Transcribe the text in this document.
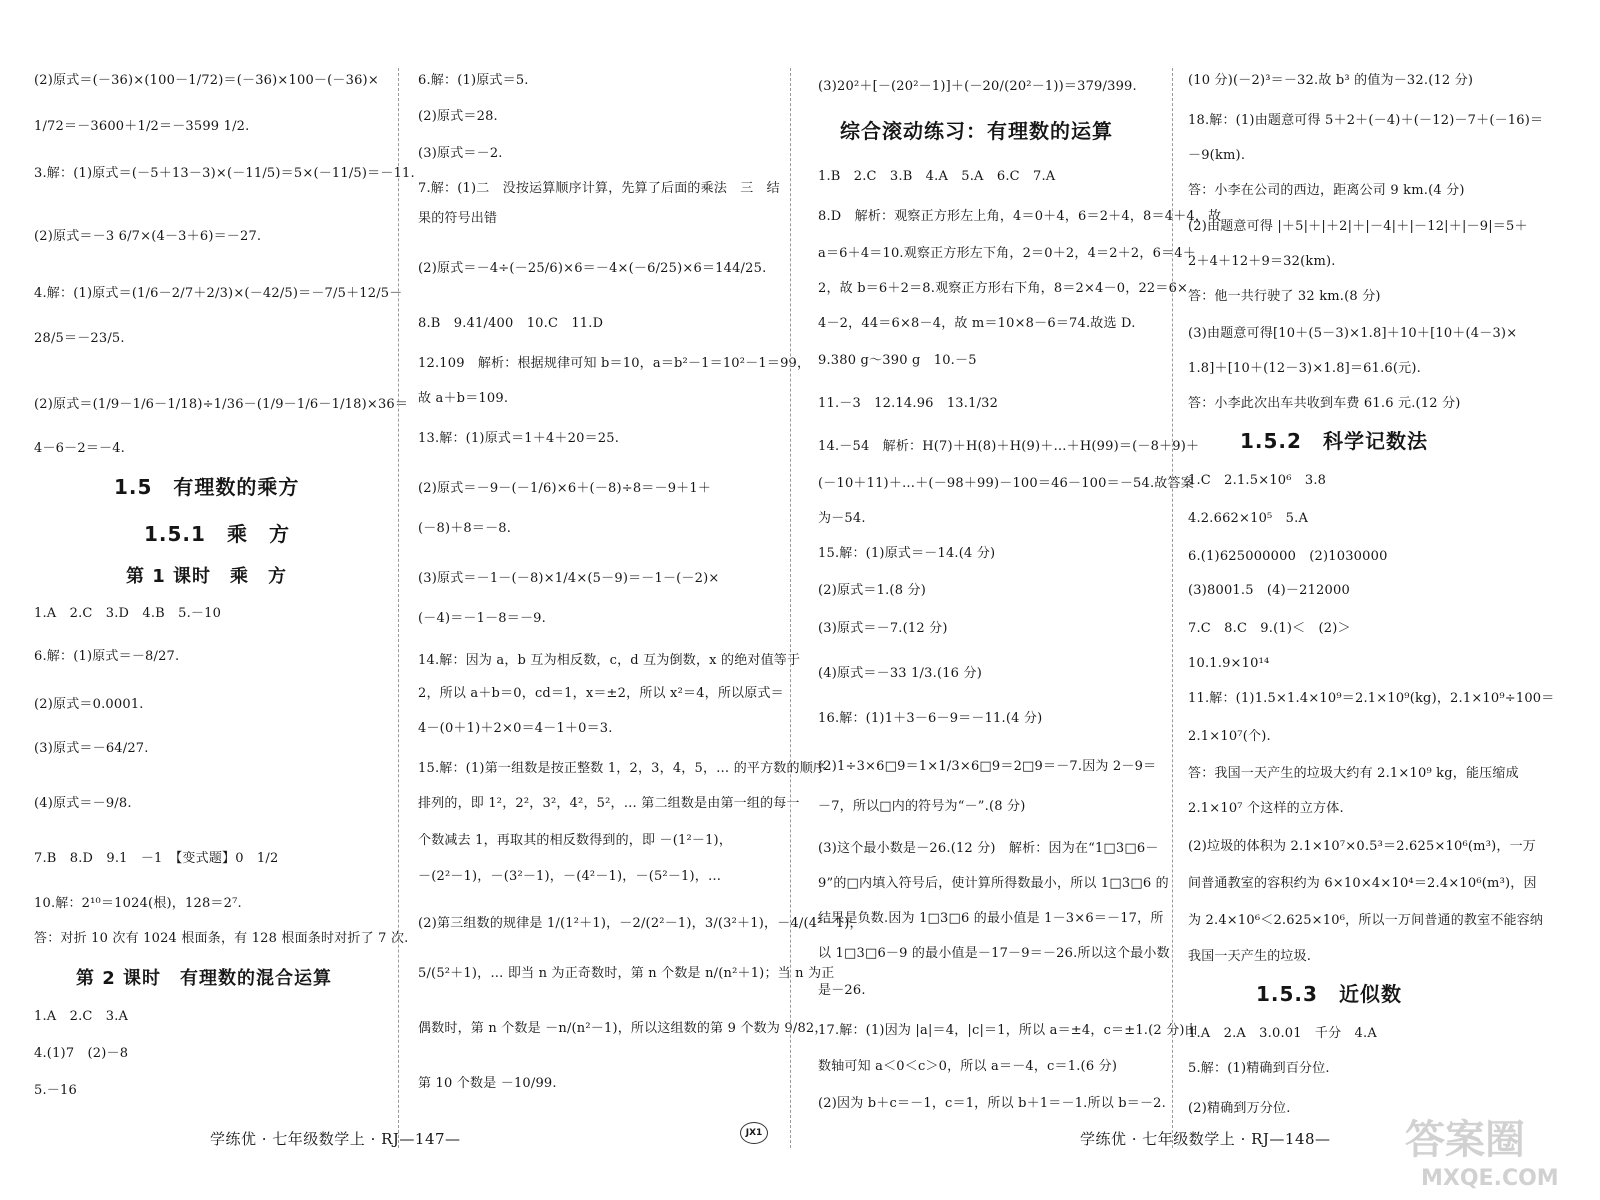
(2)原式＝(－36)×(100－1/72)＝(－36)×100－(－36)×
1/72＝－3600＋1/2＝－3599 1/2.
3.解：(1)原式＝(－5＋13－3)×(－11/5)＝5×(－11/5)＝－11.
(2)原式＝－3 6/7×(4－3＋6)＝－27.
4.解：(1)原式＝(1/6－2/7＋2/3)×(－42/5)＝－7/5＋12/5－
28/5＝－23/5.
(2)原式＝(1/9－1/6－1/18)÷1/36－(1/9－1/6－1/18)×36＝
4－6－2＝－4.
1.5　有理数的乘方
1.5.1　乘　方
第 1 课时　乘　方
1.A　2.C　3.D　4.B　5.－10
6.解：(1)原式＝－8/27.
(2)原式＝0.0001.
(3)原式＝－64/27.
(4)原式＝－9/8.
7.B　8.D　9.1　－1　【变式题】0　1/2
10.解：2¹⁰＝1024(根)，128＝2⁷.
答：对折 10 次有 1024 根面条，有 128 根面条时对折了 7 次.
第 2 课时　有理数的混合运算
1.A　2.C　3.A
4.(1)7　(2)－8
5.－16
6.解：(1)原式＝5.
(2)原式＝28.
(3)原式＝－2.
7.解：(1)二　没按运算顺序计算，先算了后面的乘法　三　结
果的符号出错
(2)原式＝－4÷(－25/6)×6＝－4×(－6/25)×6＝144/25.
8.B　9.41/400　10.C　11.D
12.109　解析：根据规律可知 b＝10，a＝b²－1＝10²－1＝99，
故 a＋b＝109.
13.解：(1)原式＝1＋4＋20＝25.
(2)原式＝－9－(－1/6)×6＋(－8)÷8＝－9＋1＋
(－8)＋8＝－8.
(3)原式＝－1－(－8)×1/4×(5－9)＝－1－(－2)×
(－4)＝－1－8＝－9.
14.解：因为 a，b 互为相反数，c，d 互为倒数，x 的绝对值等于
2，所以 a＋b＝0，cd＝1，x＝±2，所以 x²＝4，所以原式＝
4－(0＋1)＋2×0＝4－1＋0＝3.
15.解：(1)第一组数是按正整数 1，2，3，4，5，… 的平方数的顺序
排列的，即 1²，2²，3²，4²，5²，… 第二组数是由第一组的每一
个数减去 1，再取其的相反数得到的，即 －(1²－1)，
－(2²－1)，－(3²－1)，－(4²－1)，－(5²－1)，…
(2)第三组数的规律是 1/(1²＋1)，－2/(2²－1)，3/(3²＋1)，－4/(4²－1)，
5/(5²＋1)，… 即当 n 为正奇数时，第 n 个数是 n/(n²＋1)；当 n 为正
偶数时，第 n 个数是 －n/(n²－1)，所以这组数的第 9 个数为 9/82，
第 10 个数是 －10/99.
(3)20²＋[－(20²－1)]＋(－20/(20²－1))＝379/399.
综合滚动练习：有理数的运算
1.B　2.C　3.B　4.A　5.A　6.C　7.A
8.D　解析：观察正方形左上角，4＝0＋4，6＝2＋4，8＝4＋4，故
a＝6＋4＝10.观察正方形左下角，2＝0＋2，4＝2＋2，6＝4＋
2，故 b＝6＋2＝8.观察正方形右下角，8＝2×4－0，22＝6×
4－2，44＝6×8－4，故 m＝10×8－6＝74.故选 D.
9.380 g～390 g　10.－5
11.－3　12.14.96　13.1/32
14.－54　解析：H(7)＋H(8)＋H(9)＋…＋H(99)＝(－8＋9)＋
(－10＋11)＋…＋(－98＋99)－100＝46－100＝－54.故答案
为－54.
15.解：(1)原式＝－14.(4 分)
(2)原式＝1.(8 分)
(3)原式＝－7.(12 分)
(4)原式＝－33 1/3.(16 分)
16.解：(1)1＋3－6－9＝－11.(4 分)
(2)1÷3×6□9＝1×1/3×6□9＝2□9＝－7.因为 2－9＝
－7，所以□内的符号为“－”.(8 分)
(3)这个最小数是－26.(12 分)　解析：因为在“1□3□6－
9”的□内填入符号后，使计算所得数最小，所以 1□3□6 的
结果是负数.因为 1□3□6 的最小值是 1－3×6＝－17，所
以 1□3□6－9 的最小值是－17－9＝－26.所以这个最小数
是－26.
17.解：(1)因为 |a|＝4，|c|＝1，所以 a＝±4，c＝±1.(2 分)由
数轴可知 a＜0＜c＞0，所以 a＝－4，c＝1.(6 分)
(2)因为 b＋c＝－1，c＝1，所以 b＋1＝－1.所以 b＝－2.
(10 分)(－2)³＝－32.故 b³ 的值为－32.(12 分)
18.解：(1)由题意可得 5＋2＋(－4)＋(－12)－7＋(－16)＝
－9(km).
答：小李在公司的西边，距离公司 9 km.(4 分)
(2)由题意可得 |＋5|＋|＋2|＋|－4|＋|－12|＋|－9|＝5＋
2＋4＋12＋9＝32(km).
答：他一共行驶了 32 km.(8 分)
(3)由题意可得[10＋(5－3)×1.8]＋10＋[10＋(4－3)×
1.8]＋[10＋(12－3)×1.8]＝61.6(元).
答：小李此次出车共收到车费 61.6 元.(12 分)
1.5.2　科学记数法
1.C　2.1.5×10⁶　3.8
4.2.662×10⁵　5.A
6.(1)625000000　(2)1030000
(3)8001.5　(4)－212000
7.C　8.C　9.(1)＜　(2)＞
10.1.9×10¹⁴
11.解：(1)1.5×1.4×10⁹＝2.1×10⁹(kg)，2.1×10⁹÷100＝
2.1×10⁷(个).
答：我国一天产生的垃圾大约有 2.1×10⁹ kg，能压缩成
2.1×10⁷ 个这样的立方体.
(2)垃圾的体积为 2.1×10⁷×0.5³＝2.625×10⁶(m³)，一万
间普通教室的容积约为 6×10×4×10⁴＝2.4×10⁶(m³)，因
为 2.4×10⁶＜2.625×10⁶，所以一万间普通的教室不能容纳
我国一天产生的垃圾.
1.5.3　近似数
1.A　2.A　3.0.01　千分　4.A
5.解：(1)精确到百分位.
(2)精确到万分位.
学练优 · 七年级数学上 · RJ—147—	JX1	学练优 · 七年级数学上 · RJ—148— 答案圈
MXQE.COM
